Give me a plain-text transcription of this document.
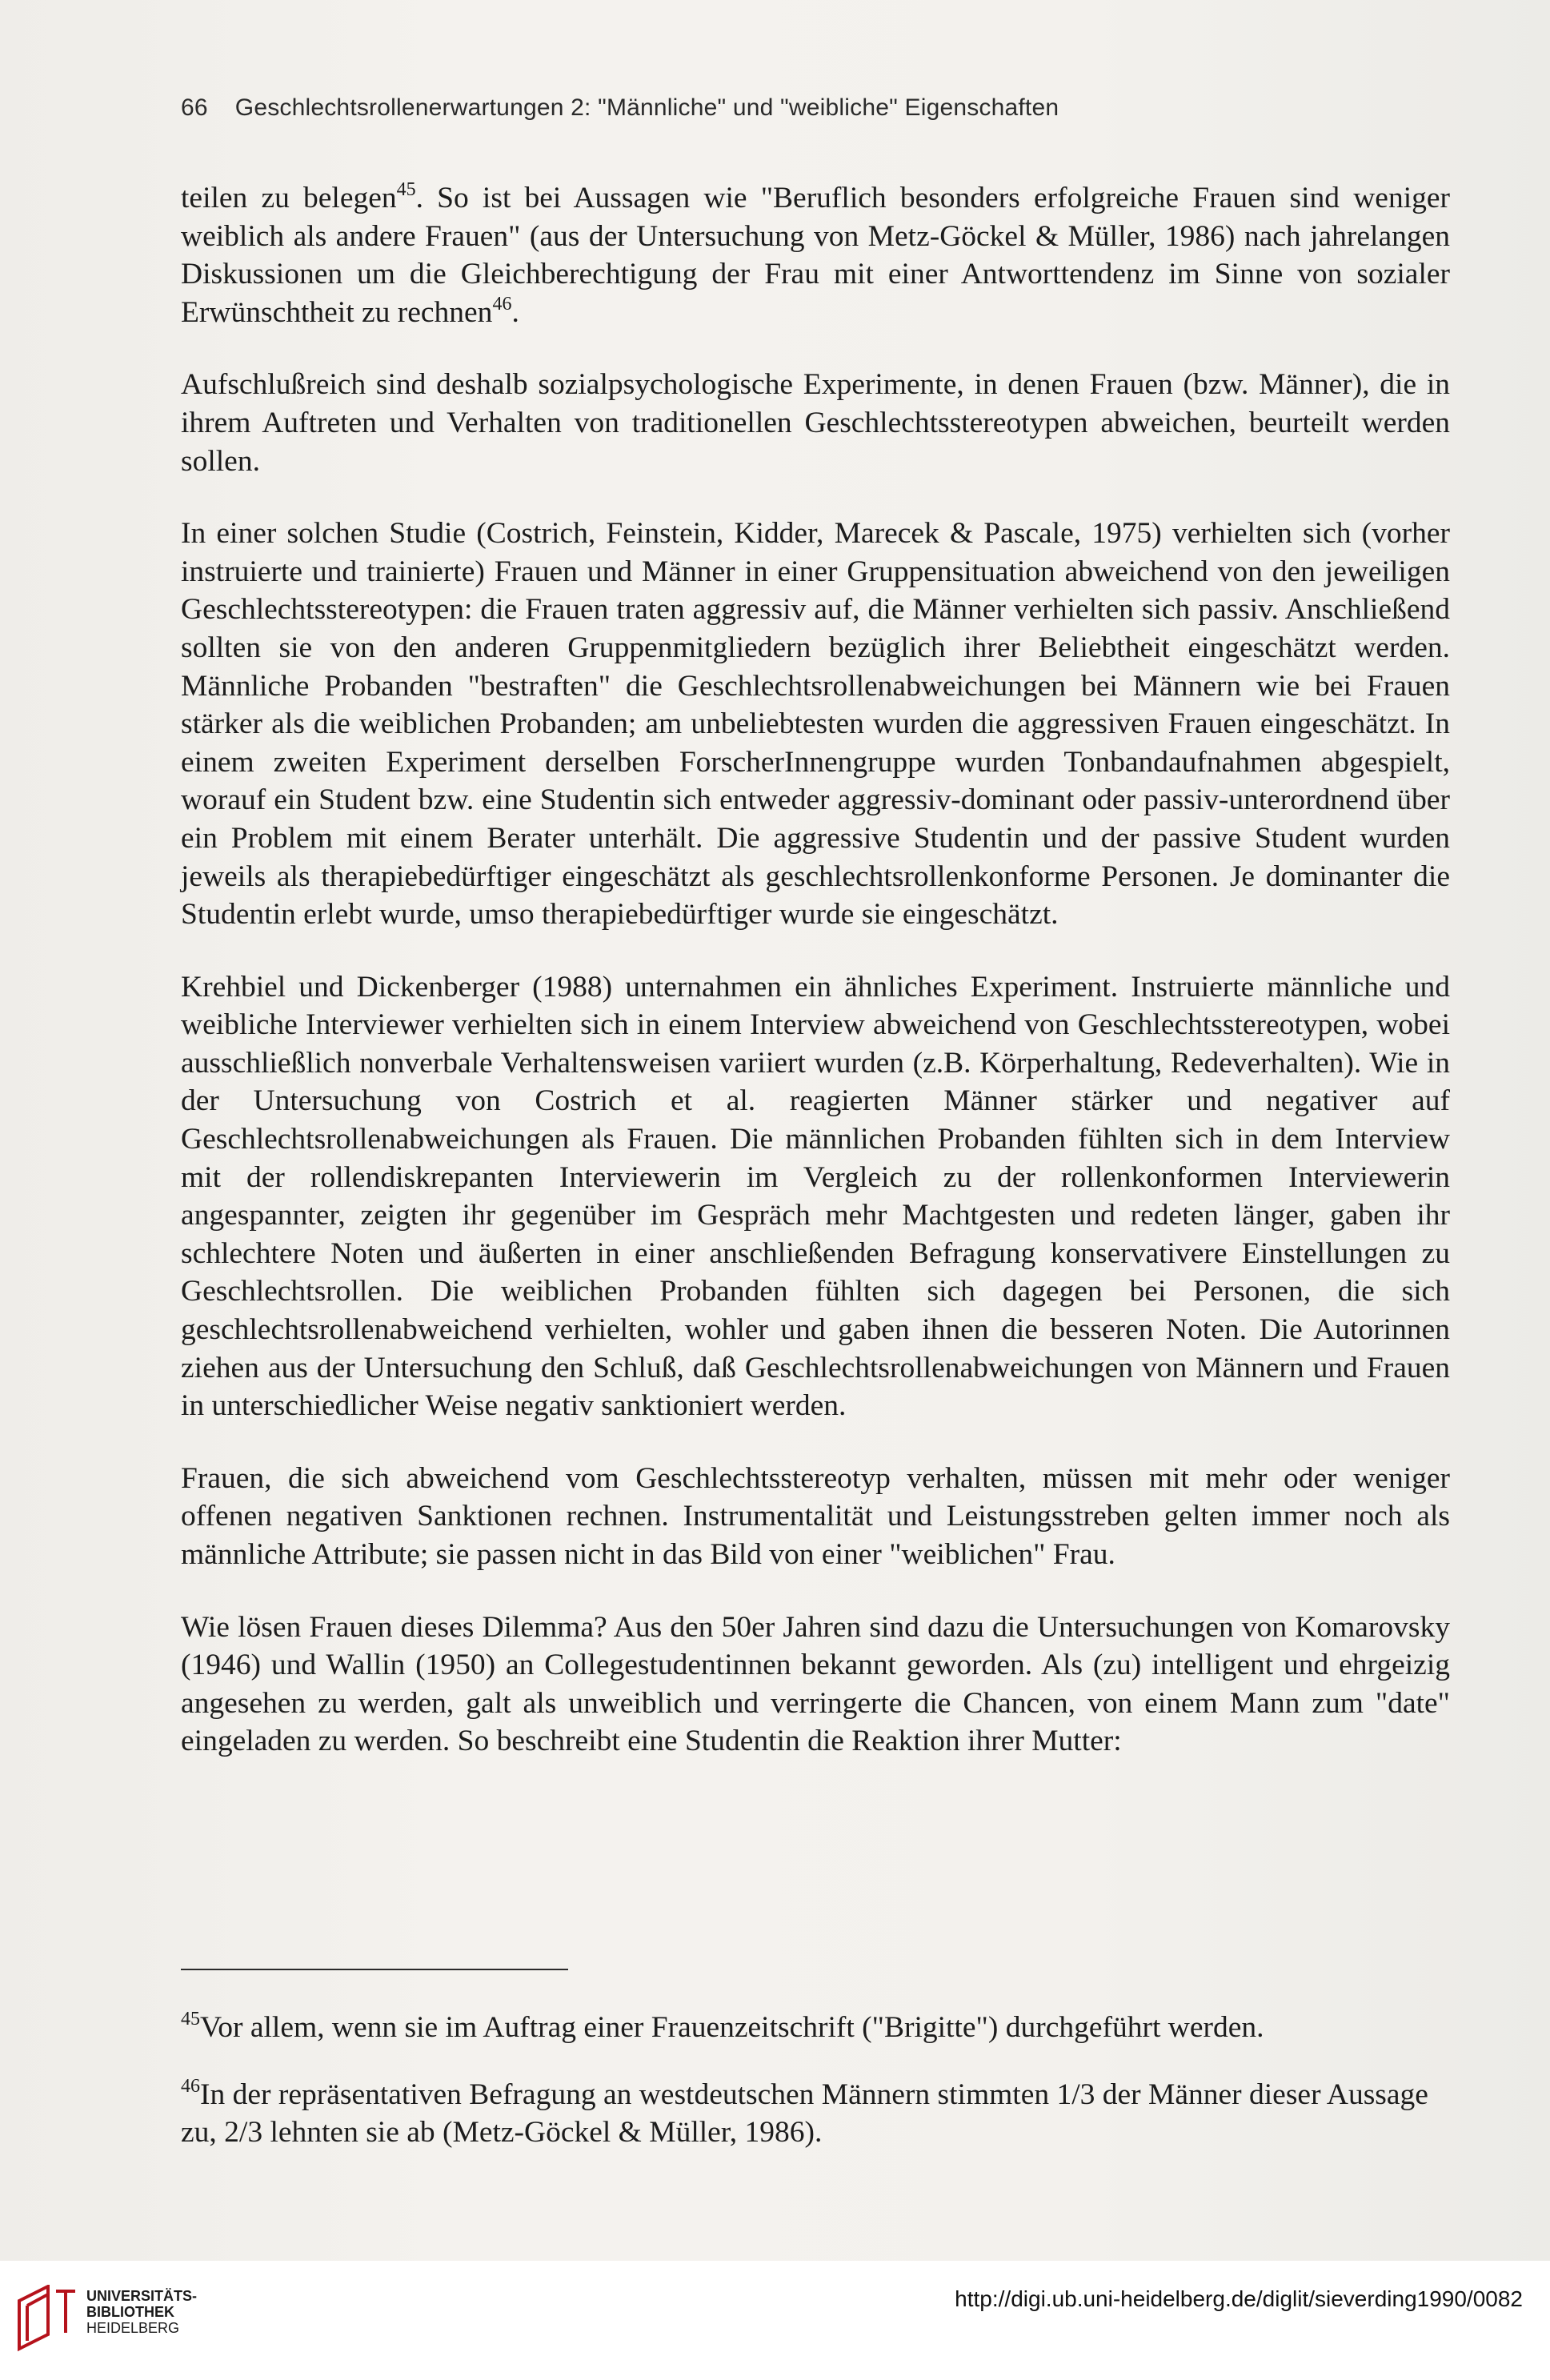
66 Geschlechtsrollenerwartungen 2: "Männliche" und "weibliche" Eigenschaften

teilen zu belegen$^{45}$. So ist bei Aussagen wie "Beruflich besonders erfolgreiche Frauen sind weniger weiblich als andere Frauen" (aus der Untersuchung von Metz-Göckel & Müller, 1986) nach jahrelangen Diskussionen um die Gleichberechtigung der Frau mit einer Antworttendenz im Sinne von sozialer Erwünschtheit zu rechnen$^{46}$.

Aufschlußreich sind deshalb sozialpsychologische Experimente, in denen Frauen (bzw. Männer), die in ihrem Auftreten und Verhalten von traditionellen Geschlechtsstereotypen abweichen, beurteilt werden sollen.

In einer solchen Studie (Costrich, Feinstein, Kidder, Marecek & Pascale, 1975) verhielten sich (vorher instruierte und trainierte) Frauen und Männer in einer Gruppensituation abweichend von den jeweiligen Geschlechtsstereotypen: die Frauen traten aggressiv auf, die Männer verhielten sich passiv. Anschließend sollten sie von den anderen Gruppenmitgliedern bezüglich ihrer Beliebtheit eingeschätzt werden. Männliche Probanden "bestraften" die Geschlechtsrollenabweichungen bei Männern wie bei Frauen stärker als die weiblichen Probanden; am unbeliebtesten wurden die aggressiven Frauen eingeschätzt. In einem zweiten Experiment derselben ForscherInnengruppe wurden Tonbandaufnahmen abgespielt, worauf ein Student bzw. eine Studentin sich entweder aggressiv-dominant oder passiv-unterordnend über ein Problem mit einem Berater unterhält. Die aggressive Studentin und der passive Student wurden jeweils als therapiebedürftiger eingeschätzt als geschlechtsrollenkonforme Personen. Je dominanter die Studentin erlebt wurde, umso therapiebedürftiger wurde sie eingeschätzt.

Krehbiel und Dickenberger (1988) unternahmen ein ähnliches Experiment. Instruierte männliche und weibliche Interviewer verhielten sich in einem Interview abweichend von Geschlechtsstereotypen, wobei ausschließlich nonverbale Verhaltensweisen variiert wurden (z.B. Körperhaltung, Redeverhalten). Wie in der Untersuchung von Costrich et al. reagierten Männer stärker und negativer auf Geschlechtsrollenabweichungen als Frauen. Die männlichen Probanden fühlten sich in dem Interview mit der rollendiskrepanten Interviewerin im Vergleich zu der rollenkonformen Interviewerin angespannter, zeigten ihr gegenüber im Gespräch mehr Machtgesten und redeten länger, gaben ihr schlechtere Noten und äußerten in einer anschließenden Befragung konservativere Einstellungen zu Geschlechtsrollen. Die weiblichen Probanden fühlten sich dagegen bei Personen, die sich geschlechtsrollenabweichend verhielten, wohler und gaben ihnen die besseren Noten. Die Autorinnen ziehen aus der Untersuchung den Schluß, daß Geschlechtsrollenabweichungen von Männern und Frauen in unterschiedlicher Weise negativ sanktioniert werden.

Frauen, die sich abweichend vom Geschlechtsstereotyp verhalten, müssen mit mehr oder weniger offenen negativen Sanktionen rechnen. Instrumentalität und Leistungsstreben gelten immer noch als männliche Attribute; sie passen nicht in das Bild von einer "weiblichen" Frau.

Wie lösen Frauen dieses Dilemma? Aus den 50er Jahren sind dazu die Untersuchungen von Komarovsky (1946) und Wallin (1950) an Collegestudentinnen bekannt geworden. Als (zu) intelligent und ehrgeizig angesehen zu werden, galt als unweiblich und verringerte die Chancen, von einem Mann zum "date" eingeladen zu werden. So beschreibt eine Studentin die Reaktion ihrer Mutter:

$^{45}$Vor allem, wenn sie im Auftrag einer Frauenzeitschrift ("Brigitte") durchgeführt werden.

$^{46}$In der repräsentativen Befragung an westdeutschen Männern stimmten 1/3 der Männer dieser Aussage zu, 2/3 lehnten sie ab (Metz-Göckel & Müller, 1986).

UNIVERSITÄTS-
BIBLIOTHEK
HEIDELBERG
http://digi.ub.uni-heidelberg.de/diglit/sieverding1990/0082
